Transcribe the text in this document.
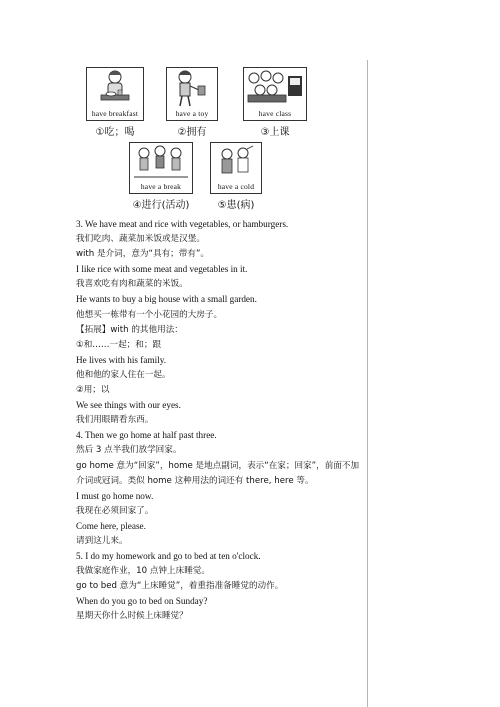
have breakfast
①吃；喝
have a toy
②拥有
have class
③上课
have a break
④进行(活动)
have a cold
⑤患(病)
3. We have meat and rice with vegetables, or hamburgers.
我们吃肉、蔬菜加米饭或是汉堡。
with 是介词，意为“具有；带有”。
I like rice with some meat and vegetables in it.
我喜欢吃有肉和蔬菜的米饭。
He wants to buy a big house with a small garden.
他想买一栋带有一个小花园的大房子。
【拓展】with 的其他用法：
①和……一起；和；跟
He lives with his family.
他和他的家人住在一起。
②用；以
We see things with our eyes.
我们用眼睛看东西。
4. Then we go home at half past three.
然后 3 点半我们放学回家。
go home 意为“回家”，home 是地点副词，表示“在家；回家”，前面不加
介词或冠词。类似 home 这种用法的词还有 there, here 等。
I must go home now.
我现在必须回家了。
Come here, please.
请到这儿来。
5. I do my homework and go to bed at ten o'clock.
我做家庭作业，10 点钟上床睡觉。
go to bed 意为“上床睡觉”，着重指准备睡觉的动作。
When do you go to bed on Sunday?
星期天你什么时候上床睡觉？
